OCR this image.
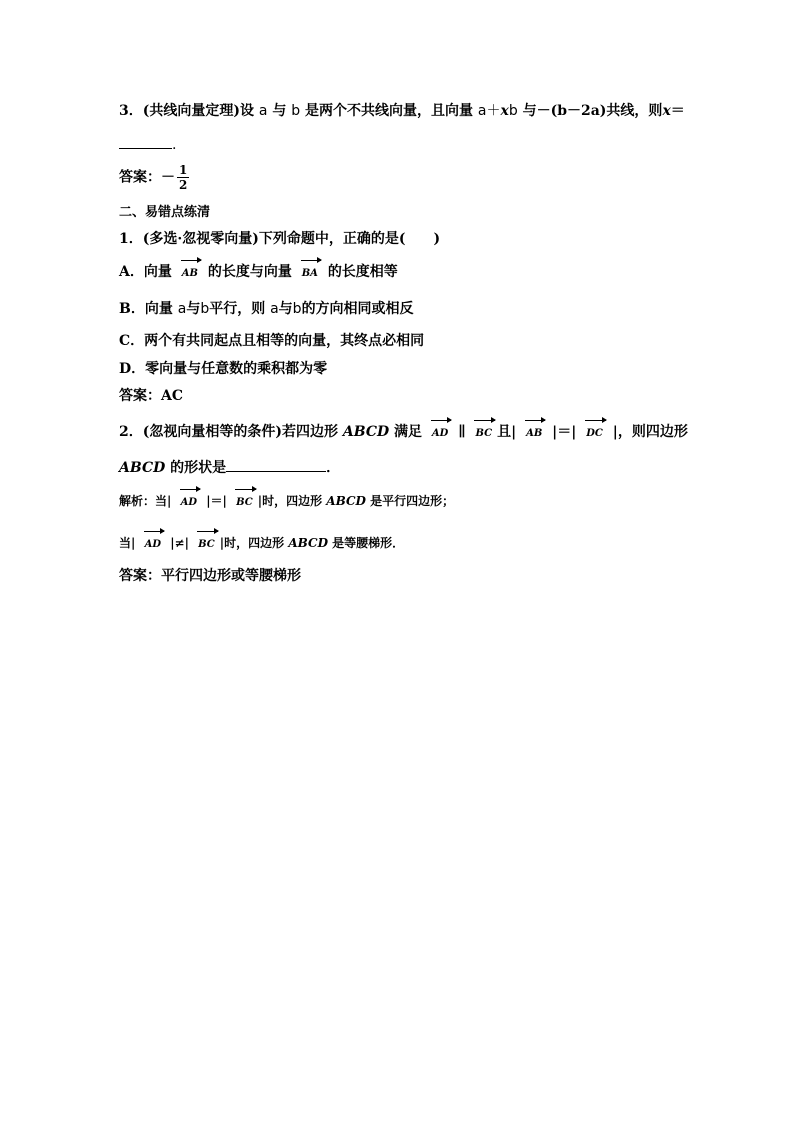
3．(共线向量定理)设 a 与 b 是两个不共线向量，且向量 a＋xb 与－(b－2a)共线，则x＝
.
答案：－ $\frac{1}{2}$
二、易错点练清
1．(多选·忽视零向量)下列命题中，正确的是(　　)
A．向量 AB 的长度与向量 BA 的长度相等
B．向量 a与b平行，则 a与b的方向相同或相反
C．两个有共同起点且相等的向量，其终点必相同
D．零向量与任意数的乘积都为零
答案：AC
2．(忽视向量相等的条件)若四边形 ABCD 满足 AD ∥ BC 且| AB |＝| DC |，则四边形
ABCD 的形状是	．
解析：当| AD |＝| BC |时，四边形 ABCD 是平行四边形；
当| AD |≠| BC |时，四边形 ABCD 是等腰梯形．
答案：平行四边形或等腰梯形
